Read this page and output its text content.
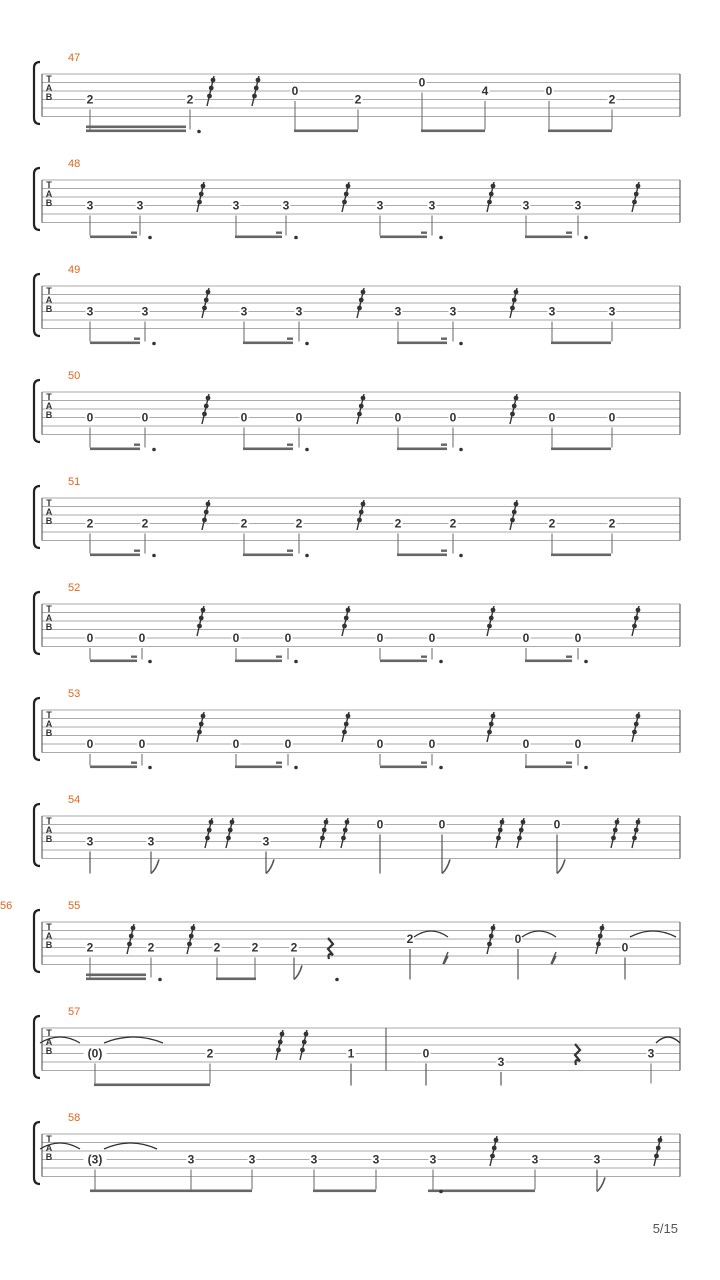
T
A
B
47
2	2
0
2
0
4	0
2
T
A
B
48
3	3	3	3	3	3	3	3
T
A
B
49
3	3	3	3	3	3	3	3
T
A
B
50
0	0	0	0	0	0	0	0
T
A
B
51
2	2	2	2	2	2	2	2
T
A
B
52
0	0	0	0	0	0	0	0
T
A
B
53
0	0	0	0	0	0	0	0
T
A
B
54
3	3	3
0	0	0
T
A
B
55
2	2	2	2	2
56
2	0
0
T
A
B
57
(0)	2	1	0
3
3
T
A
B
58
(3)	3	3	3	3	3	3	3
5/15
